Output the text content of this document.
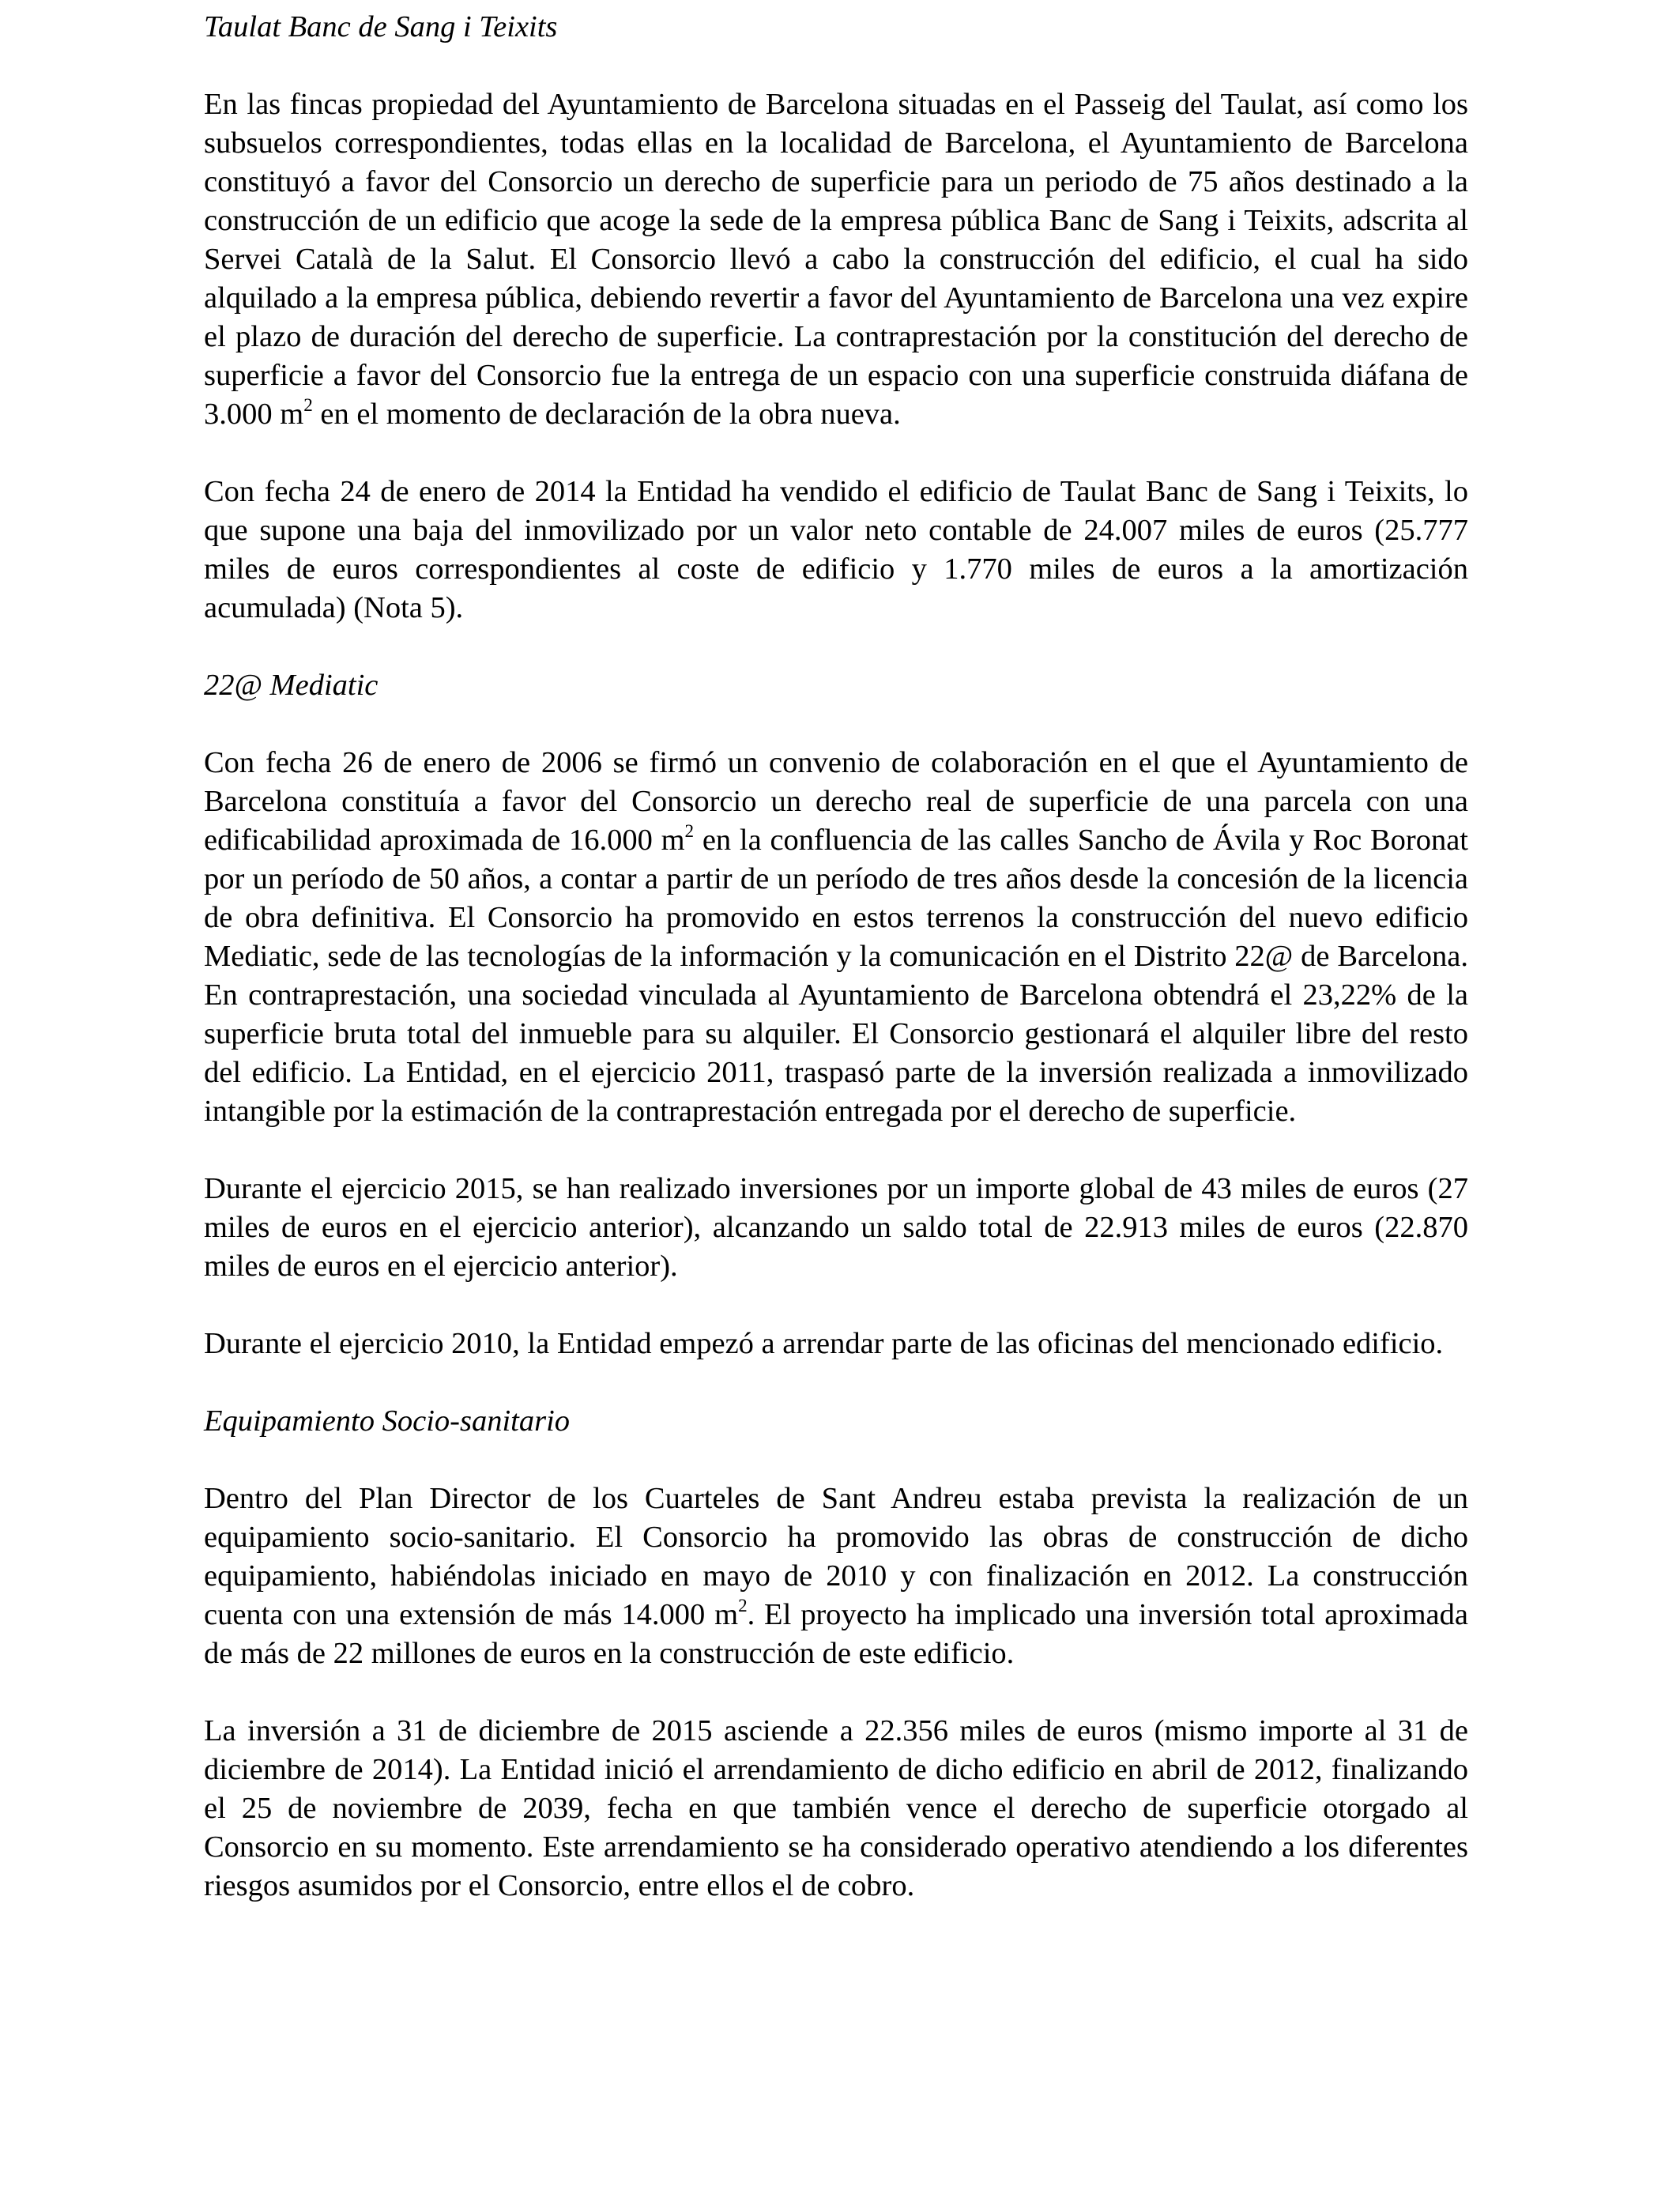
Taulat Banc de Sang i Teixits

En las fincas propiedad del Ayuntamiento de Barcelona situadas en el Passeig del Taulat, así como los subsuelos correspondientes, todas ellas en la localidad de Barcelona, el Ayuntamiento de Barcelona constituyó a favor del Consorcio un derecho de superficie para un periodo de 75 años destinado a la construcción de un edificio que acoge la sede de la empresa pública Banc de Sang i Teixits, adscrita al Servei Català de la Salut. El Consorcio llevó a cabo la construcción del edificio, el cual ha sido alquilado a la empresa pública, debiendo revertir a favor del Ayuntamiento de Barcelona una vez expire el plazo de duración del derecho de superficie. La contraprestación por la constitución del derecho de superficie a favor del Consorcio fue la entrega de un espacio con una superficie construida diáfana de 3.000 $m^2$ en el momento de declaración de la obra nueva.

Con fecha 24 de enero de 2014 la Entidad ha vendido el edificio de Taulat Banc de Sang i Teixits, lo que supone una baja del inmovilizado por un valor neto contable de 24.007 miles de euros (25.777 miles de euros correspondientes al coste de edificio y 1.770 miles de euros a la amortización acumulada) (Nota 5).

22@ Mediatic

Con fecha 26 de enero de 2006 se firmó un convenio de colaboración en el que el Ayuntamiento de Barcelona constituía a favor del Consorcio un derecho real de superficie de una parcela con una edificabilidad aproximada de 16.000 $m^2$ en la confluencia de las calles Sancho de Ávila y Roc Boronat por un período de 50 años, a contar a partir de un período de tres años desde la concesión de la licencia de obra definitiva. El Consorcio ha promovido en estos terrenos la construcción del nuevo edificio Mediatic, sede de las tecnologías de la información y la comunicación en el Distrito 22@ de Barcelona. En contraprestación, una sociedad vinculada al Ayuntamiento de Barcelona obtendrá el 23,22% de la superficie bruta total del inmueble para su alquiler. El Consorcio gestionará el alquiler libre del resto del edificio. La Entidad, en el ejercicio 2011, traspasó parte de la inversión realizada a inmovilizado intangible por la estimación de la contraprestación entregada por el derecho de superficie.

Durante el ejercicio 2015, se han realizado inversiones por un importe global de 43 miles de euros (27 miles de euros en el ejercicio anterior), alcanzando un saldo total de 22.913 miles de euros (22.870 miles de euros en el ejercicio anterior).

Durante el ejercicio 2010, la Entidad empezó a arrendar parte de las oficinas del mencionado edificio.

Equipamiento Socio-sanitario

Dentro del Plan Director de los Cuarteles de Sant Andreu estaba prevista la realización de un equipamiento socio-sanitario. El Consorcio ha promovido las obras de construcción de dicho equipamiento, habiéndolas iniciado en mayo de 2010 y con finalización en 2012. La construcción cuenta con una extensión de más 14.000 $m^2$. El proyecto ha implicado una inversión total aproximada de más de 22 millones de euros en la construcción de este edificio.

La inversión a 31 de diciembre de 2015 asciende a 22.356 miles de euros (mismo importe al 31 de diciembre de 2014). La Entidad inició el arrendamiento de dicho edificio en abril de 2012, finalizando el 25 de noviembre de 2039, fecha en que también vence el derecho de superficie otorgado al Consorcio en su momento. Este arrendamiento se ha considerado operativo atendiendo a los diferentes riesgos asumidos por el Consorcio, entre ellos el de cobro.
